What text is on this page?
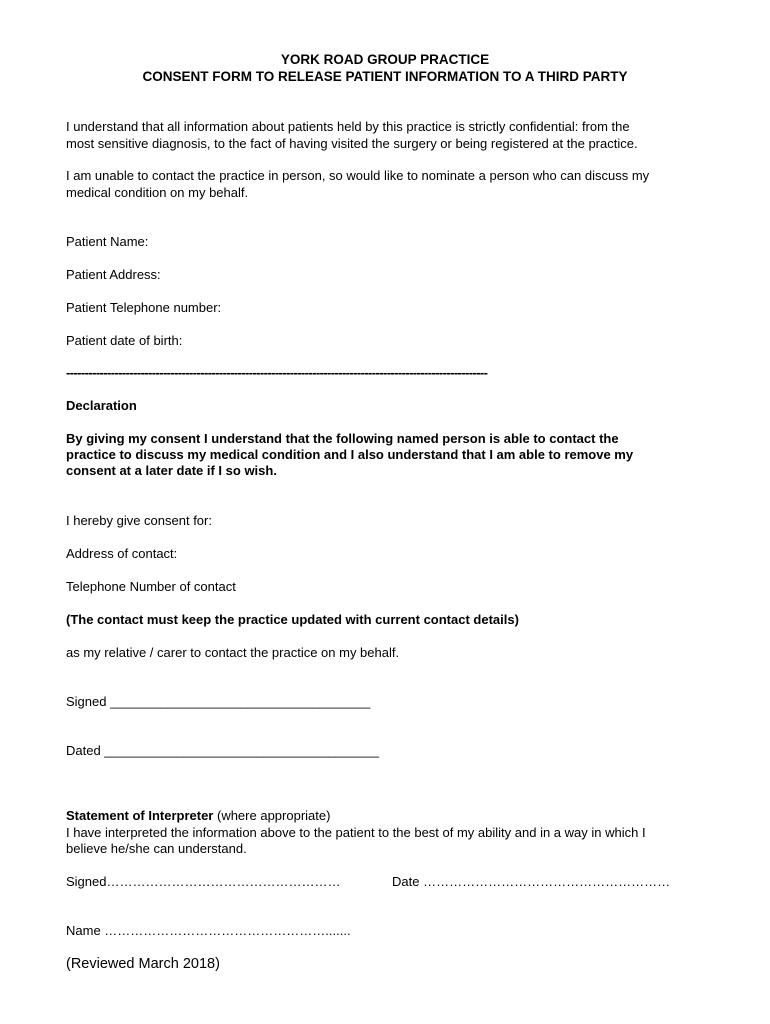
YORK ROAD GROUP PRACTICE
CONSENT FORM TO RELEASE PATIENT INFORMATION TO A THIRD PARTY
I understand that all information about patients held by this practice is strictly confidential: from the
most sensitive diagnosis, to the fact of having visited the surgery or being registered at the practice.
I am unable to contact the practice in person, so would like to nominate a person who can discuss my
medical condition on my behalf.
Patient Name:
Patient Address:
Patient Telephone number:
Patient date of birth:
-----------------------------------------------------------------------------------------------------------------
Declaration
By giving my consent I understand that the following named person is able to contact the
practice to discuss my medical condition and I also understand that I am able to remove my
consent at a later date if I so wish.
I hereby give consent for:
Address of contact:
Telephone Number of contact
(The contact must keep the practice updated with current contact details)
as my relative / carer to contact the practice on my behalf.
Signed ____________________________________
Dated ______________________________________
Statement of Interpreter (where appropriate)
I have interpreted the information above to the patient to the best of my ability and in a way in which I
believe he/she can understand.
Signed………………………………………………	Date …………………………………………………
Name …………………………………………….......
(Reviewed March 2018)
